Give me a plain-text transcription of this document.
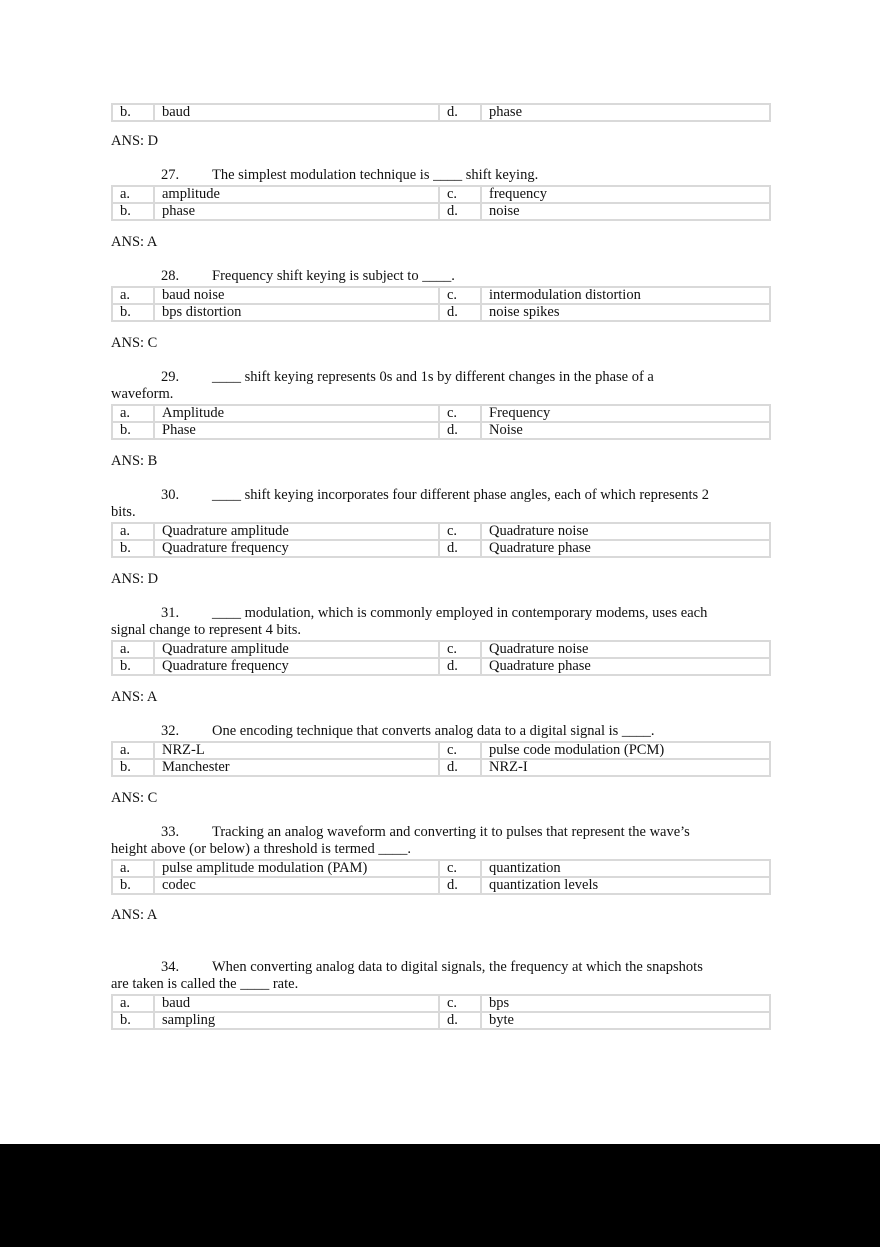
b.	baud	d.	phase
ANS: D
27. The simplest modulation technique is ____ shift keying.
a.	amplitude	c.	frequency
b.	phase	d.	noise
ANS: A
28. Frequency shift keying is subject to ____.
a.	baud noise	c.	intermodulation distortion
b.	bps distortion	d.	noise spikes
ANS: C
29. ____ shift keying represents 0s and 1s by different changes in the phase of a
waveform.
a.	Amplitude	c.	Frequency
b.	Phase	d.	Noise
ANS: B
30. ____ shift keying incorporates four different phase angles, each of which represents 2
bits.
a.	Quadrature amplitude	c.	Quadrature noise
b.	Quadrature frequency	d.	Quadrature phase
ANS: D
31. ____ modulation, which is commonly employed in contemporary modems, uses each
signal change to represent 4 bits.
a.	Quadrature amplitude	c.	Quadrature noise
b.	Quadrature frequency	d.	Quadrature phase
ANS: A
32. One encoding technique that converts analog data to a digital signal is ____.
a.	NRZ-L	c.	pulse code modulation (PCM)
b.	Manchester	d.	NRZ-I
ANS: C
33. Tracking an analog waveform and converting it to pulses that represent the wave’s
height above (or below) a threshold is termed ____.
a.	pulse amplitude modulation (PAM)	c.	quantization
b.	codec	d.	quantization levels
ANS: A
34. When converting analog data to digital signals, the frequency at which the snapshots
are taken is called the ____ rate.
a.	baud	c.	bps
b.	sampling	d.	byte
